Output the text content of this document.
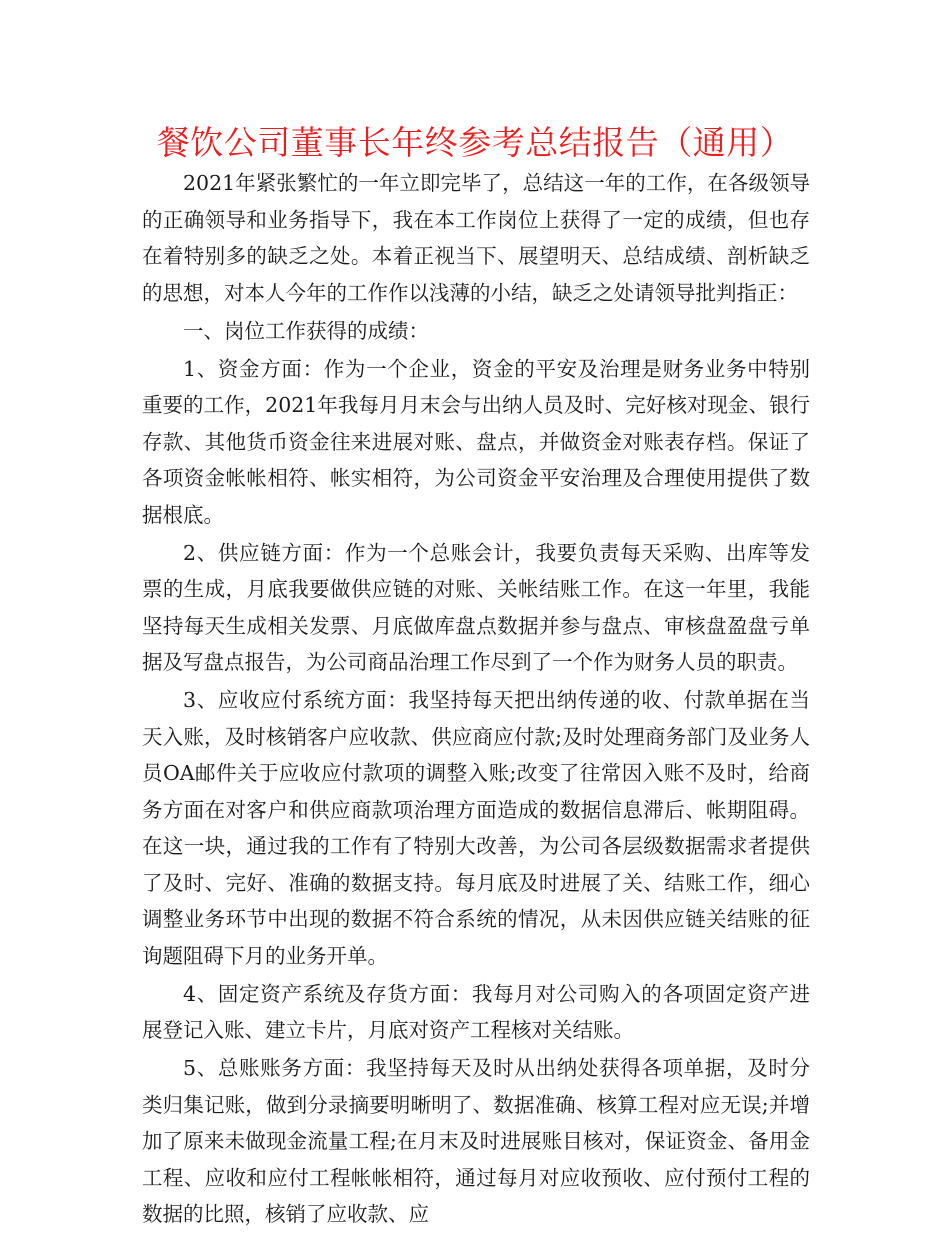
餐饮公司董事长年终参考总结报告（通用）

2021年紧张繁忙的一年立即完毕了，总结这一年的工作，在各级领导的正确领导和业务指导下，我在本工作岗位上获得了一定的成绩，但也存在着特别多的缺乏之处。本着正视当下、展望明天、总结成绩、剖析缺乏的思想，对本人今年的工作作以浅薄的小结，缺乏之处请领导批判指正：

一、岗位工作获得的成绩：

1、资金方面：作为一个企业，资金的平安及治理是财务业务中特别重要的工作，2021年我每月月末会与出纳人员及时、完好核对现金、银行存款、其他货币资金往来进展对账、盘点，并做资金对账表存档。保证了各项资金帐帐相符、帐实相符，为公司资金平安治理及合理使用提供了数据根底。

2、供应链方面：作为一个总账会计，我要负责每天采购、出库等发票的生成，月底我要做供应链的对账、关帐结账工作。在这一年里，我能坚持每天生成相关发票、月底做库盘点数据并参与盘点、审核盘盈盘亏单据及写盘点报告，为公司商品治理工作尽到了一个作为财务人员的职责。

3、应收应付系统方面：我坚持每天把出纳传递的收、付款单据在当天入账，及时核销客户应收款、供应商应付款;及时处理商务部门及业务人员OA邮件关于应收应付款项的调整入账;改变了往常因入账不及时，给商务方面在对客户和供应商款项治理方面造成的数据信息滞后、帐期阻碍。在这一块，通过我的工作有了特别大改善，为公司各层级数据需求者提供了及时、完好、准确的数据支持。每月底及时进展了关、结账工作，细心调整业务环节中出现的数据不符合系统的情况，从未因供应链关结账的征询题阻碍下月的业务开单。

4、固定资产系统及存货方面：我每月对公司购入的各项固定资产进展登记入账、建立卡片，月底对资产工程核对关结账。

5、总账账务方面：我坚持每天及时从出纳处获得各项单据，及时分类归集记账，做到分录摘要明晰明了、数据准确、核算工程对应无误;并增加了原来未做现金流量工程;在月末及时进展账目核对，保证资金、备用金工程、应收和应付工程帐帐相符，通过每月对应收预收、应付预付工程的数据的比照，核销了应收款、应
